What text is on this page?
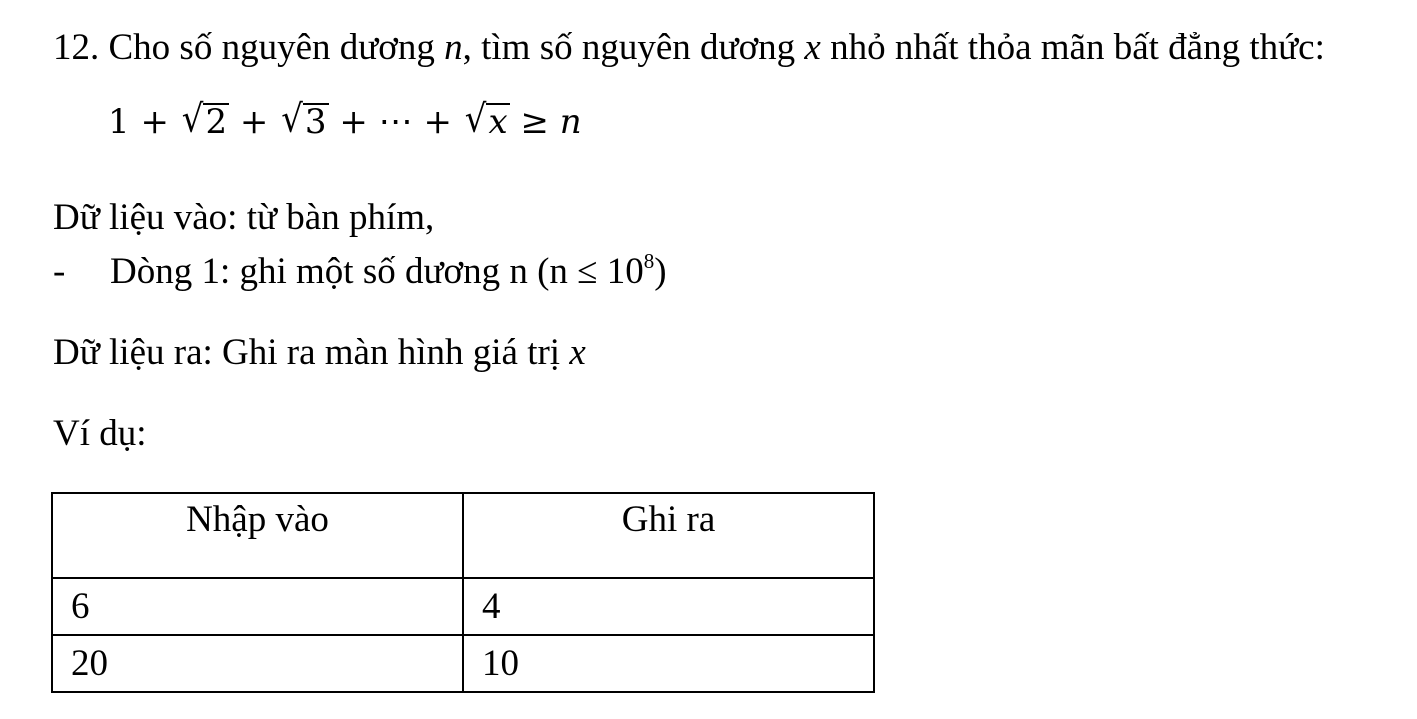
12. Cho số nguyên dương n, tìm số nguyên dương x nhỏ nhất thỏa mãn bất đẳng thức:
1 + √2 + √3 + ⋯ + √x ≥ n
Dữ liệu vào: từ bàn phím,
- Dòng 1: ghi một số dương n $(n \le 10^8)$
Dữ liệu ra: Ghi ra màn hình giá trị x
Ví dụ:
Nhập vào	Ghi ra
6	4
20	10
